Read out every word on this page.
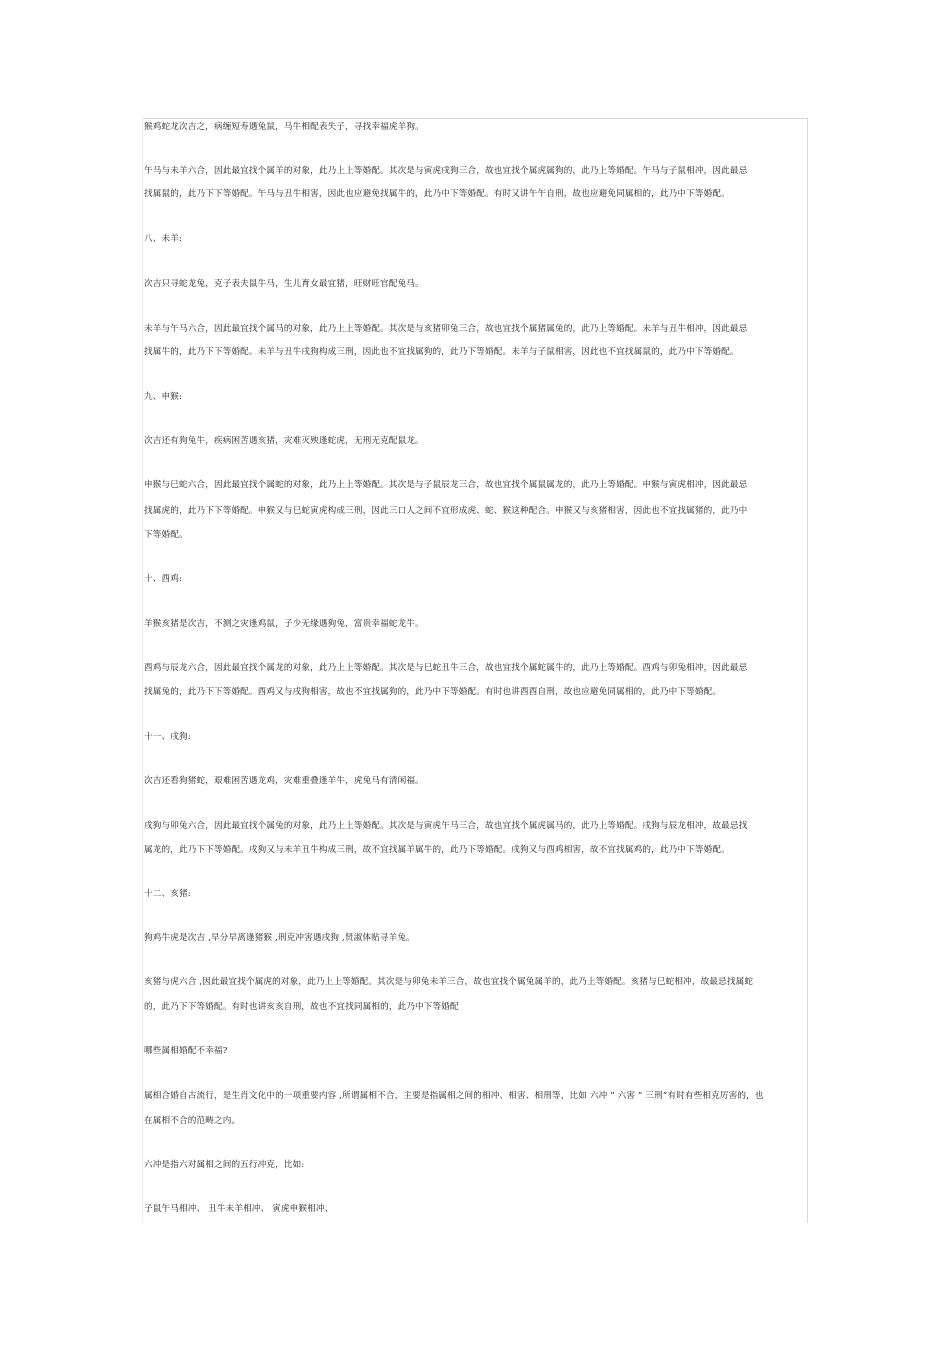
猴鸡蛇龙次吉之，病缠短寿遇兔鼠，马牛相配表失子，寻找幸福虎羊狗。
午马与未羊六合，因此最宜找个属羊的对象，此乃上上等婚配。其次是与寅虎戌狗三合，故也宜找个属虎属狗的，此乃上等婚配。午马与子鼠相冲，因此最忌
找属鼠的，此乃下下等婚配。午马与丑牛相害，因此也应避免找属牛的，此乃中下等婚配。有时又讲午午自刑，故也应避免同属相的，此乃中下等婚配。
八、未羊:
次吉只寻蛇龙兔，克子表夫鼠牛马，生儿育女最宜猪，旺财旺官配兔马。
未羊与午马六合，因此最宜找个属马的对象，此乃上上等婚配。其次是与亥猪卯兔三合，故也宜找个属猪属兔的，此乃上等婚配。未羊与丑牛相冲，因此最忌
找属牛的，此乃下下等婚配。未羊与丑牛戌狗构成三刑，因此也不宜找属狗的，此乃下等婚配。未羊与子鼠相害，因此也不宜找属鼠的，此乃中下等婚配。
九、申猴:
次吉还有狗兔牛，疾病困苦遇亥猪，灾难灭殃逢蛇虎，无刑无克配鼠龙。
申猴与巳蛇六合，因此最宜找个属蛇的对象，此乃上上等婚配。其次是与子鼠辰龙三合，故也宜找个属鼠属龙的，此乃上等婚配。申猴与寅虎相冲，因此最忌
找属虎的，此乃下下等婚配。申猴又与巳蛇寅虎构成三刑，因此三口人之间不宜形成虎、蛇、猴这种配合。申猴又与亥猪相害，因此也不宜找属猪的，此乃中
下等婚配。
十、酉鸡:
羊猴亥猪是次吉，不测之灾逢鸡鼠，子少无缘遇狗兔，富贵幸福蛇龙牛。
酉鸡与辰龙六合，因此最宜找个属龙的对象，此乃上上等婚配。其次是与巳蛇丑牛三合，故也宜找个属蛇属牛的，此乃上等婚配。酉鸡与卯兔相冲，因此最忌
找属兔的，此乃下下等婚配。酉鸡又与戌狗相害，故也不宜找属狗的，此乃中下等婚配。有时也讲酉酉自刑，故也应避免同属相的，此乃中下等婚配。
十一、戌狗:
次吉还看狗猪蛇，艰难困苦遇龙鸡，灾难重叠逢羊牛，虎兔马有清闲福。
戌狗与卯兔六合，因此最宜找个属兔的对象，此乃上上等婚配。其次是与寅虎午马三合，故也宜找个属虎属马的，此乃上等婚配。戌狗与辰龙相冲，故最忌找
属龙的，此乃下下等婚配。戌狗又与未羊丑牛构成三刑，故不宜找属羊属牛的，此乃下等婚配。戌狗又与酉鸡相害，故不宜找属鸡的，此乃中下等婚配。
十二、亥猪:
狗鸡牛虎是次吉 ,早分早离逢猪猴 ,刑克冲害遇戌狗 ,贤淑体贴寻羊兔。
亥猪与虎六合 ,因此最宜找个属虎的对象，此乃上上等婚配。其次是与卯兔未羊三合，故也宜找个属兔属羊的，此乃上等婚配。亥猪与巳蛇相冲，故最忌找属蛇
的，此乃下下等婚配。有时也讲亥亥自刑，故也不宜找同属相的，此乃中下等婚配
哪些属相婚配不幸福?
属相合婚自古流行，是生肖文化中的一项重要内容 ,所谓属相不合，主要是指属相之间的相冲、相害、相刑等，比如 六冲 ” 六害 ” 三刑”有时有些相克厉害的，也
在属相不合的范畴之内。
六冲是指六对属相之间的五行冲克，比如:
子鼠午马相冲、 丑牛未羊相冲、 寅虎申猴相冲、
